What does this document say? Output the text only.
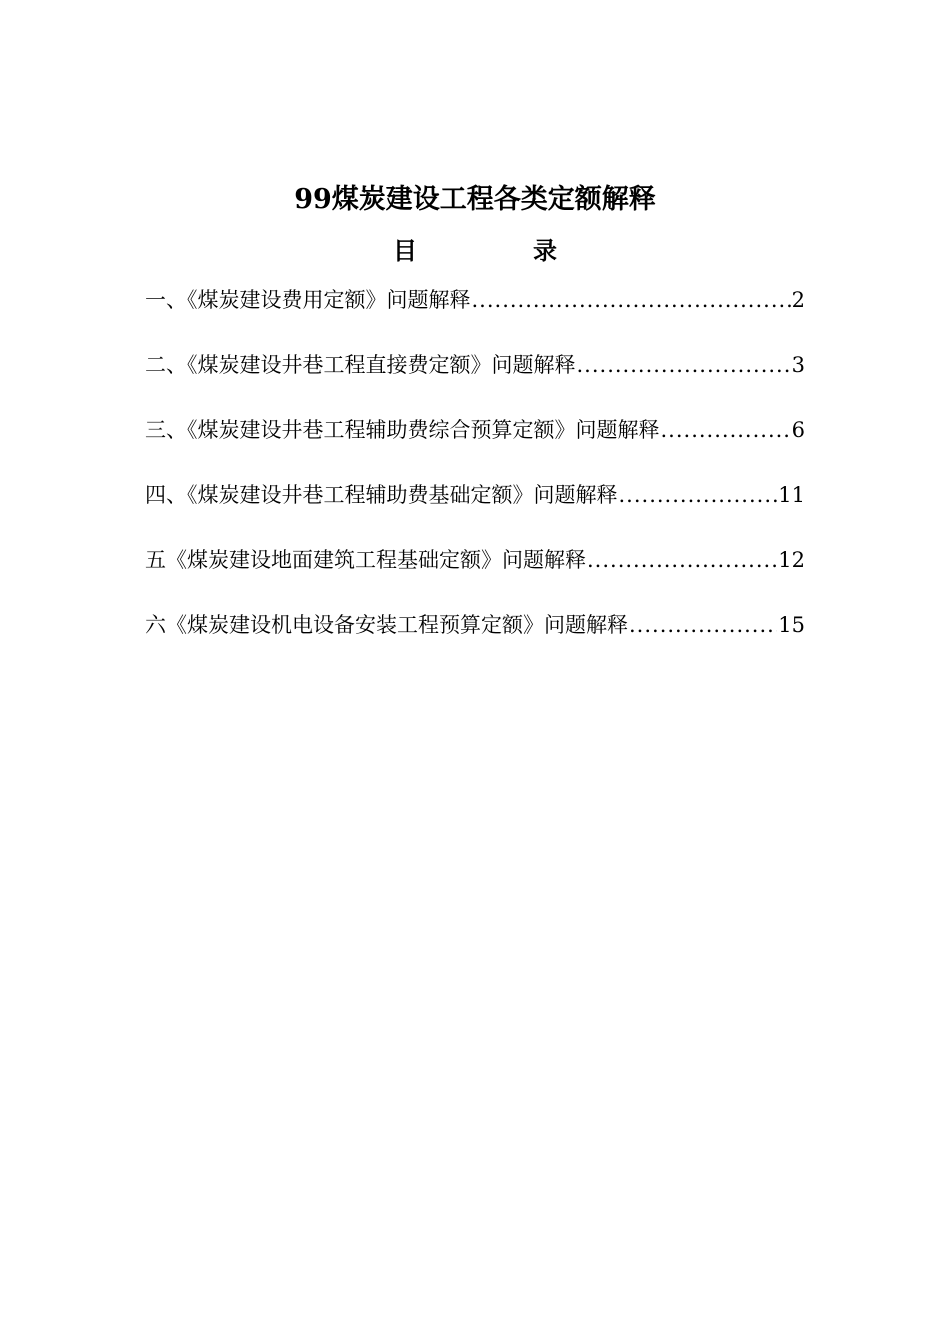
99煤炭建设工程各类定额解释
目	录
一、《煤炭建设费用定额》问题解释 .....	2
二、《煤炭建设井巷工程直接费定额》问题解释 .....	3
三、《煤炭建设井巷工程辅助费综合预算定额》问题解释 .....	6
四、《煤炭建设井巷工程辅助费基础定额》问题解释 .....	11
五《煤炭建设地面建筑工程基础定额》问题解释 .....	12
六《煤炭建设机电设备安装工程预算定额》问题解释 .....	15
